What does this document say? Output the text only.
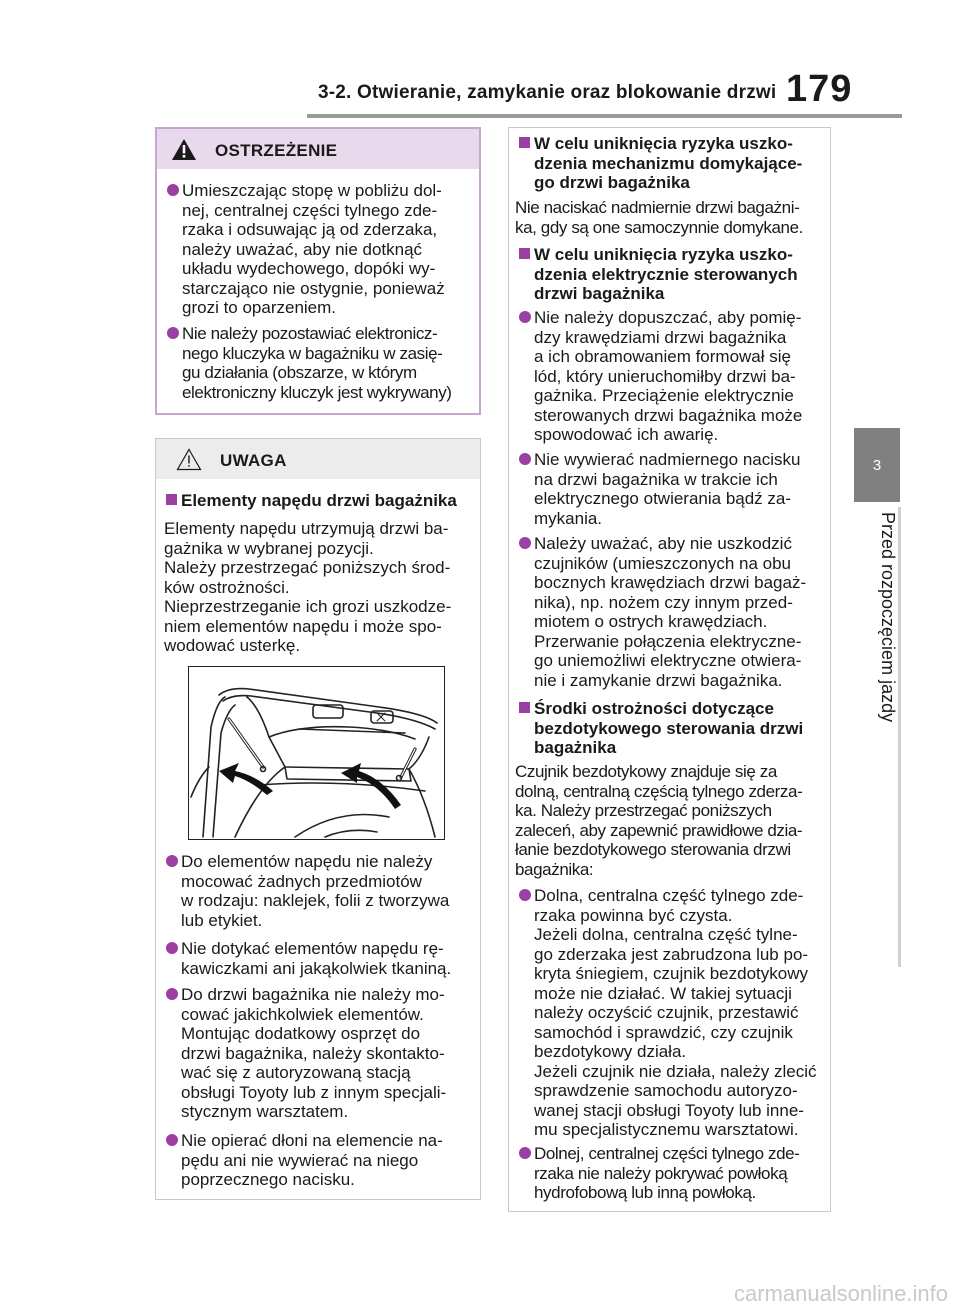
3-2. Otwieranie, zamykanie oraz blokowanie drzwi 179
3
Przed rozpoczęciem jazdy
OSTRZEŻENIE
Umieszczając stopę w pobliżu dol-
nej, centralnej części tylnego zde-
rzaka i odsuwając ją od zderzaka,
należy uważać, aby nie dotknąć
układu wydechowego, dopóki wy-
starczająco nie ostygnie, ponieważ
grozi to oparzeniem.
Nie należy pozostawiać elektronicz-
nego kluczyka w bagażniku w zasię-
gu działania (obszarze, w którym
elektroniczny kluczyk jest wykrywany)
UWAGA
Elementy napędu drzwi bagażnika
Elementy napędu utrzymują drzwi ba-
gażnika w wybranej pozycji.
Należy przestrzegać poniższych środ-
ków ostrożności.
Nieprzestrzeganie ich grozi uszkodze-
niem elementów napędu i może spo-
wodować usterkę.
Do elementów napędu nie należy
mocować żadnych przedmiotów
w rodzaju: naklejek, folii z tworzywa
lub etykiet.
Nie dotykać elementów napędu rę-
kawiczkami ani jakąkolwiek tkaniną.
Do drzwi bagażnika nie należy mo-
cować jakichkolwiek elementów.
Montując dodatkowy osprzęt do
drzwi bagażnika, należy skontakto-
wać się z autoryzowaną stacją
obsługi Toyoty lub z innym specjali-
stycznym warsztatem.
Nie opierać dłoni na elemencie na-
pędu ani nie wywierać na niego
poprzecznego nacisku.
W celu uniknięcia ryzyka uszko-
dzenia mechanizmu domykające-
go drzwi bagażnika
Nie naciskać nadmiernie drzwi bagażni-
ka, gdy są one samoczynnie domykane.
W celu uniknięcia ryzyka uszko-
dzenia elektrycznie sterowanych
drzwi bagażnika
Nie należy dopuszczać, aby pomię-
dzy krawędziami drzwi bagażnika
a ich obramowaniem formował się
lód, który unieruchomiłby drzwi ba-
gażnika. Przeciążenie elektrycznie
sterowanych drzwi bagażnika może
spowodować ich awarię.
Nie wywierać nadmiernego nacisku
na drzwi bagażnika w trakcie ich
elektrycznego otwierania bądź za-
mykania.
Należy uważać, aby nie uszkodzić
czujników (umieszczonych na obu
bocznych krawędziach drzwi bagaż-
nika), np. nożem czy innym przed-
miotem o ostrych krawędziach.
Przerwanie połączenia elektryczne-
go uniemożliwi elektryczne otwiera-
nie i zamykanie drzwi bagażnika.
Środki ostrożności dotyczące
bezdotykowego sterowania drzwi
bagażnika
Czujnik bezdotykowy znajduje się za
dolną, centralną częścią tylnego zderza-
ka. Należy przestrzegać poniższych
zaleceń, aby zapewnić prawidłowe dzia-
łanie bezdotykowego sterowania drzwi
bagażnika:
Dolna, centralna część tylnego zde-
rzaka powinna być czysta.
Jeżeli dolna, centralna część tylne-
go zderzaka jest zabrudzona lub po-
kryta śniegiem, czujnik bezdotykowy
może nie działać. W takiej sytuacji
należy oczyścić czujnik, przestawić
samochód i sprawdzić, czy czujnik
bezdotykowy działa.
Jeżeli czujnik nie działa, należy zlecić
sprawdzenie samochodu autoryzo-
wanej stacji obsługi Toyoty lub inne-
mu specjalistycznemu warsztatowi.
Dolnej, centralnej części tylnego zde-
rzaka nie należy pokrywać powłoką
hydrofobową lub inną powłoką.
carmanualsonline.info
